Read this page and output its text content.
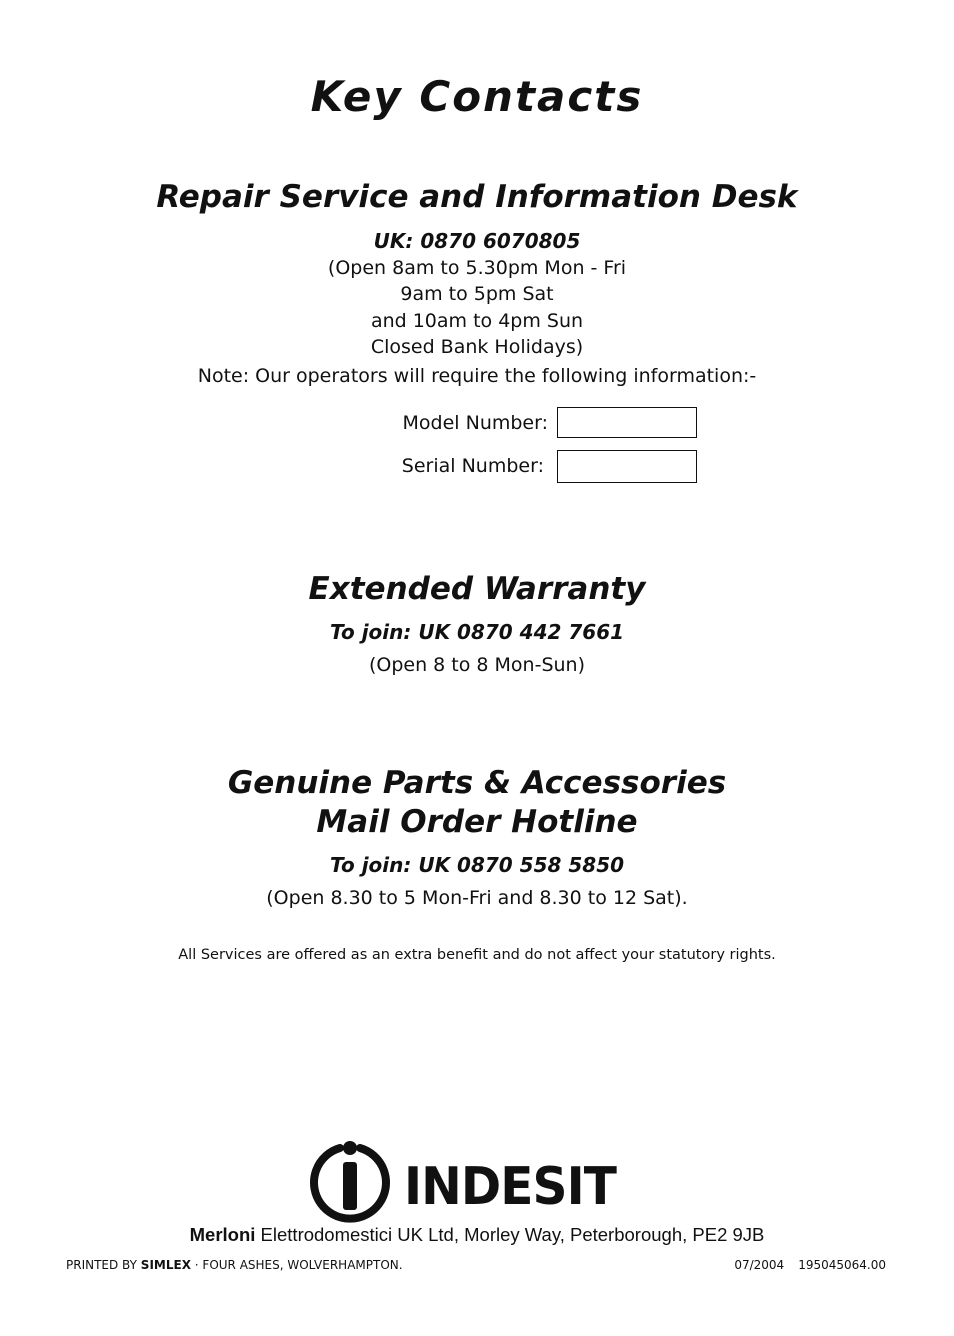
Key Contacts
Repair Service and Information Desk
UK: 0870 6070805
(Open 8am to 5.30pm Mon - Fri
9am to 5pm Sat
and 10am to 4pm Sun
Closed Bank Holidays)
Note: Our operators will require the following information:-
Model Number:
Serial Number:
Extended Warranty
To join: UK 0870 442 7661
(Open 8 to 8 Mon-Sun)
Genuine Parts & Accessories
Mail Order Hotline
To join: UK 0870 558 5850
(Open 8.30 to 5 Mon-Fri and 8.30 to 12 Sat).
All Services are offered as an extra benefit and do not affect your statutory rights.
INDESIT
Merloni Elettrodomestici UK Ltd, Morley Way, Peterborough, PE2 9JB
PRINTED BY SIMLEX · FOUR ASHES, WOLVERHAMPTON.	07/2004 195045064.00
